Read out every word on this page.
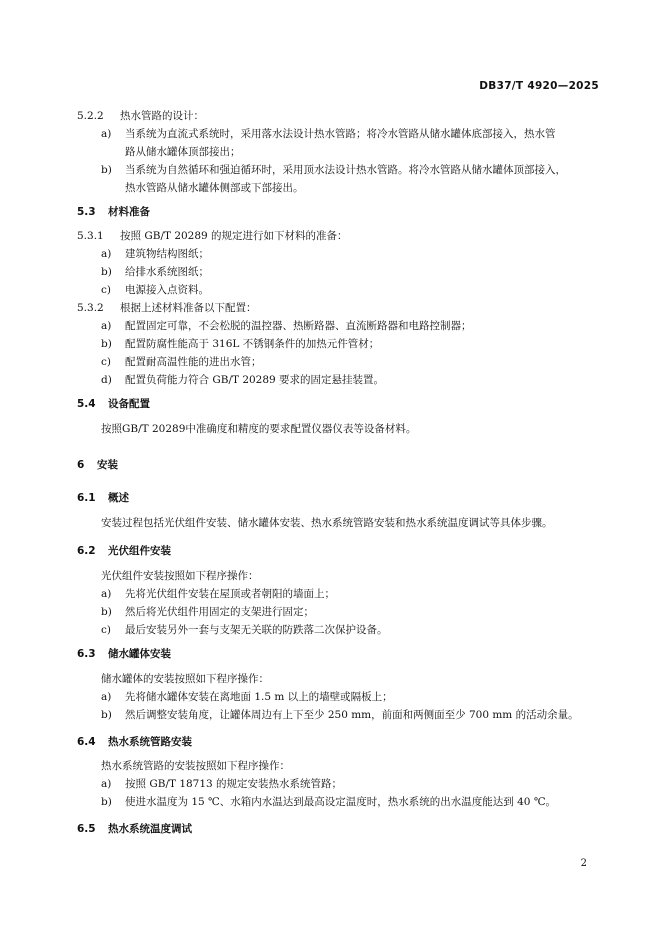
DB37/T 4920—2025
5.2.2 热水管路的设计：
a) 当系统为直流式系统时，采用落水法设计热水管路；将冷水管路从储水罐体底部接入，热水管
路从储水罐体顶部接出；
b) 当系统为自然循环和强迫循环时，采用顶水法设计热水管路。将冷水管路从储水罐体顶部接入，
热水管路从储水罐体侧部或下部接出。
5.3 材料准备
5.3.1 按照 GB/T 20289 的规定进行如下材料的准备：
a) 建筑物结构图纸；
b) 给排水系统图纸；
c) 电源接入点资料。
5.3.2 根据上述材料准备以下配置：
a) 配置固定可靠，不会松脱的温控器、热断路器、直流断路器和电路控制器；
b) 配置防腐性能高于 316L 不锈钢条件的加热元件管材；
c) 配置耐高温性能的进出水管；
d) 配置负荷能力符合 GB/T 20289 要求的固定悬挂装置。
5.4 设备配置
按照GB/T 20289中准确度和精度的要求配置仪器仪表等设备材料。
6 安装
6.1 概述
安装过程包括光伏组件安装、储水罐体安装、热水系统管路安装和热水系统温度调试等具体步骤。
6.2 光伏组件安装
光伏组件安装按照如下程序操作：
a) 先将光伏组件安装在屋顶或者朝阳的墙面上；
b) 然后将光伏组件用固定的支架进行固定；
c) 最后安装另外一套与支架无关联的防跌落二次保护设备。
6.3 储水罐体安装
储水罐体的安装按照如下程序操作：
a) 先将储水罐体安装在离地面 1.5 m 以上的墙壁或隔板上；
b) 然后调整安装角度，让罐体周边有上下至少 250 mm，前面和两侧面至少 700 mm 的活动余量。
6.4 热水系统管路安装
热水系统管路的安装按照如下程序操作：
a) 按照 GB/T 18713 的规定安装热水系统管路；
b) 使进水温度为 15 ℃、水箱内水温达到最高设定温度时，热水系统的出水温度能达到 40 ℃。
6.5 热水系统温度调试
2
